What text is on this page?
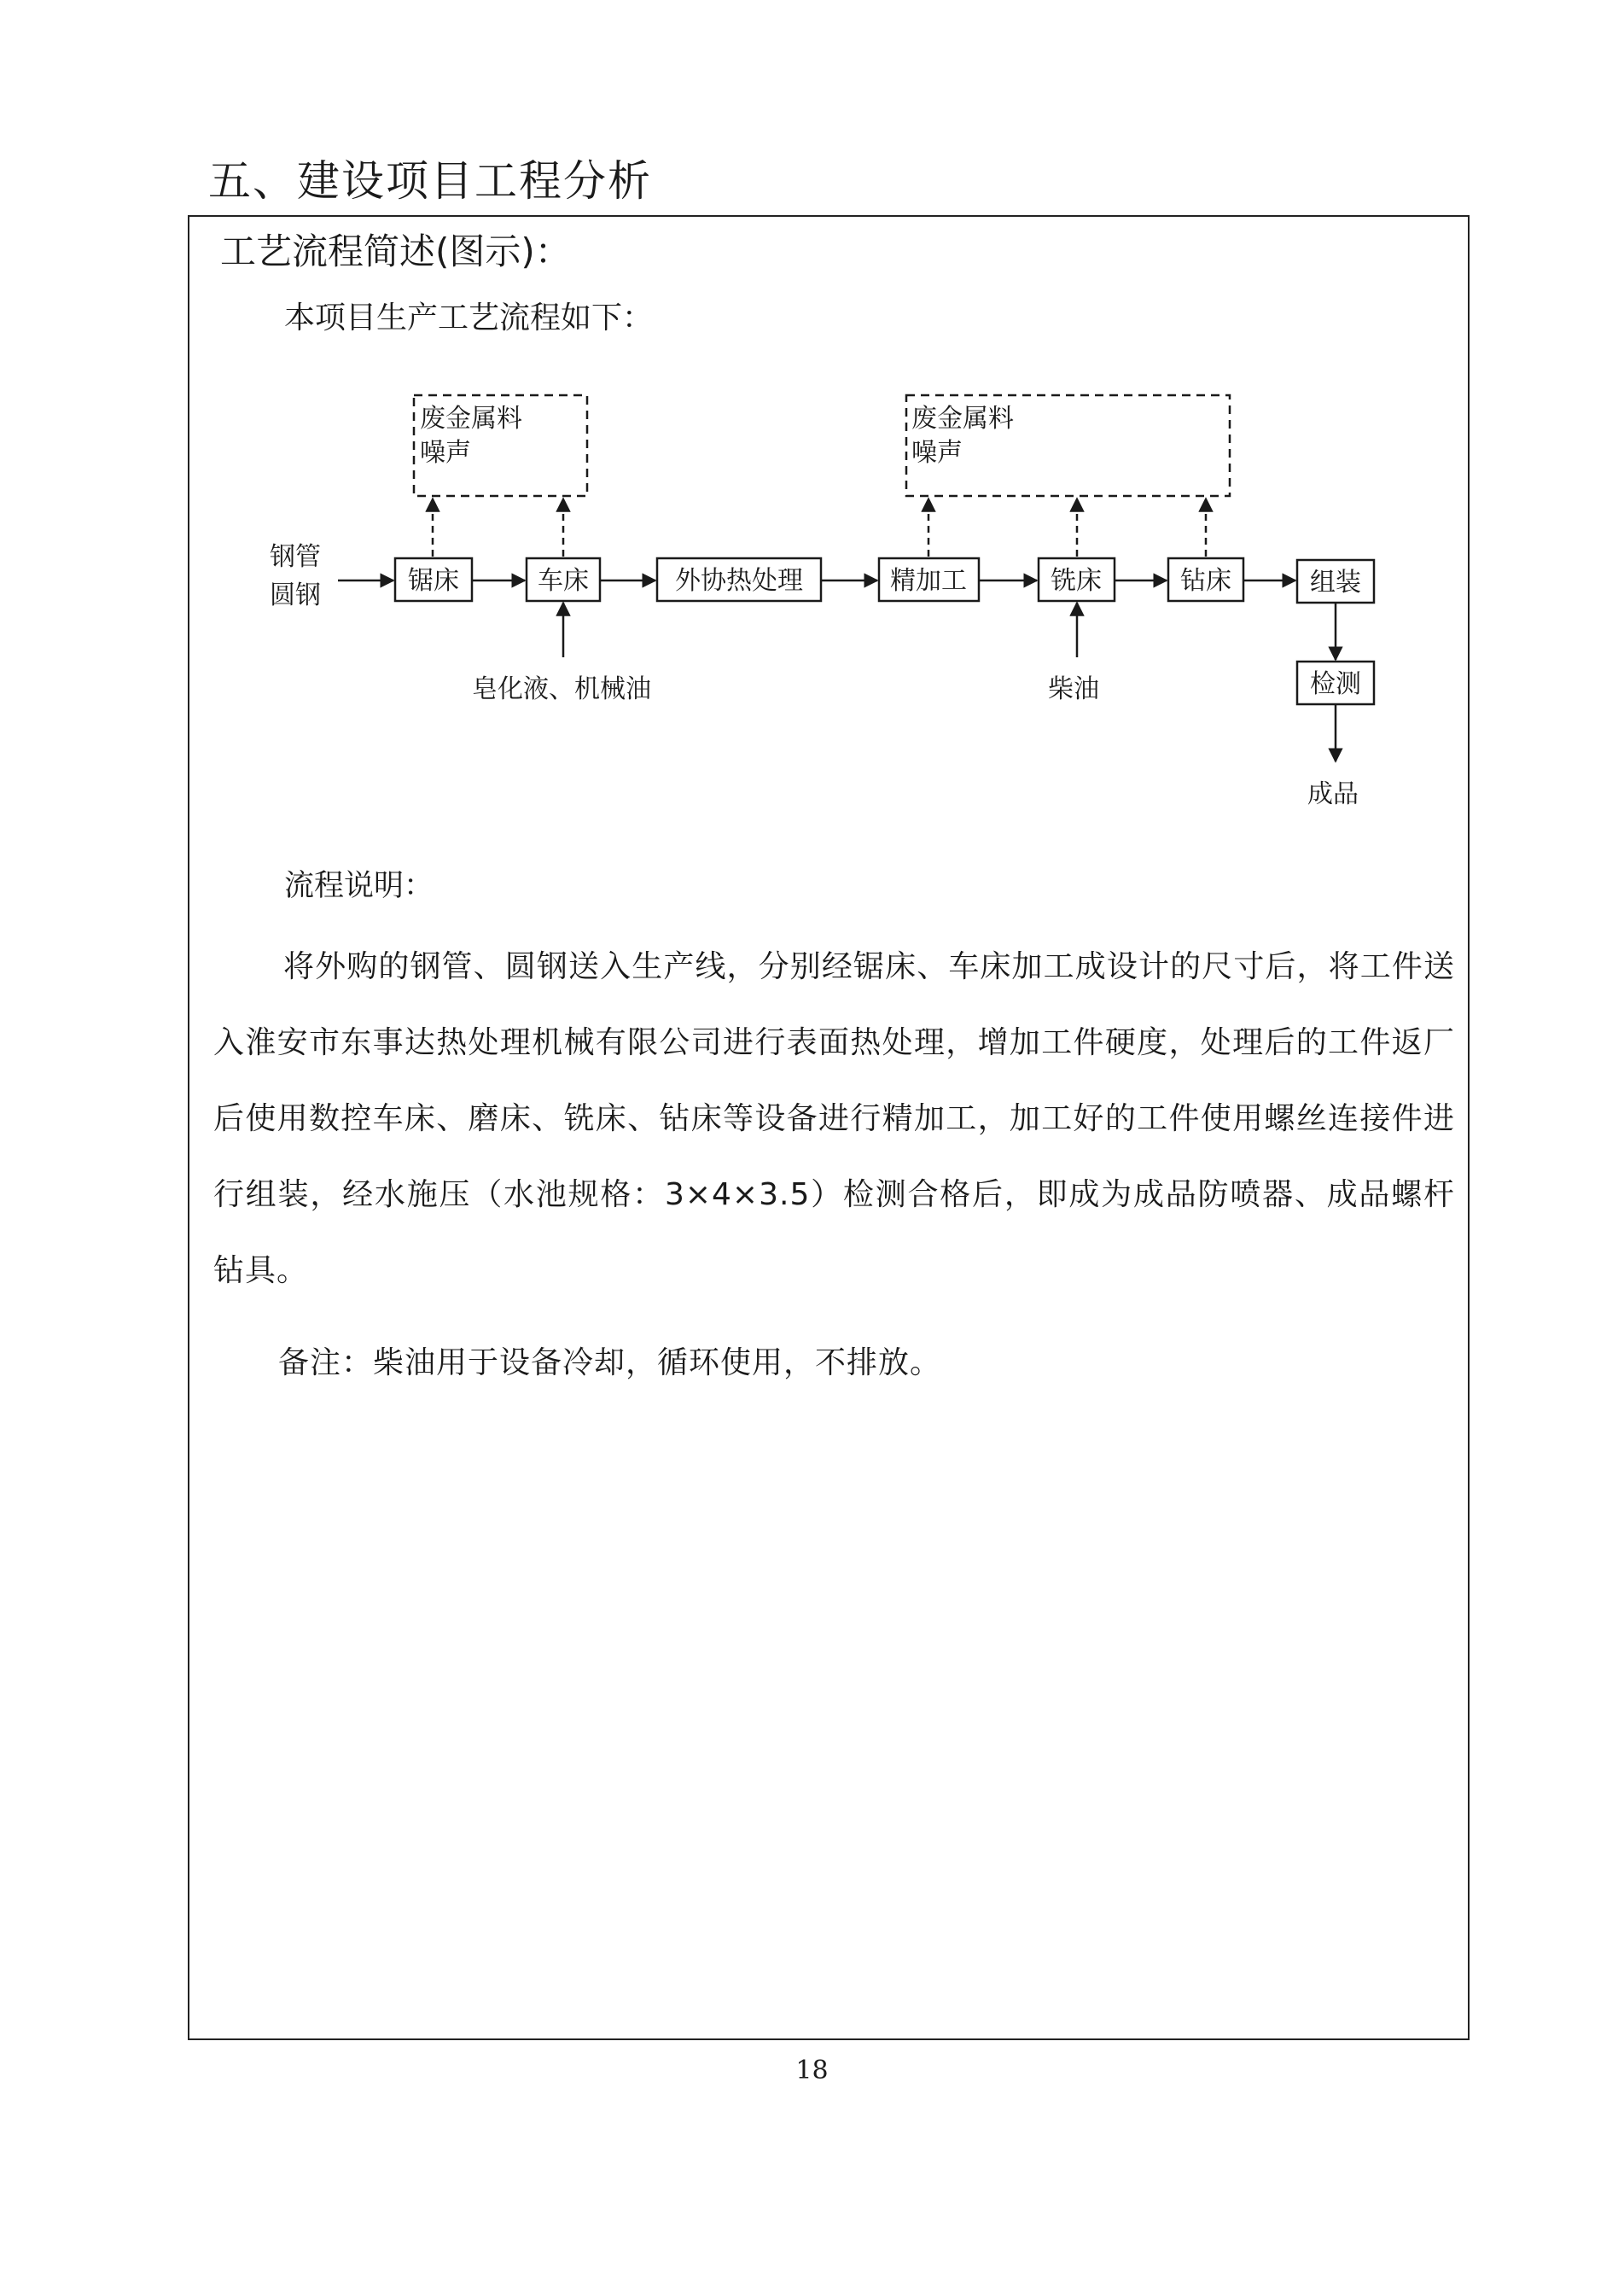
五、建设项目工程分析
工艺流程简述(图示)：
本项目生产工艺流程如下：
废金属料
噪声
废金属料
噪声
钢管
圆钢	锯床	车床	外协热处理	精加工	铣床	钻床	组装
检测
皂化液、机械油	柴油
成品
流程说明：
将外购的钢管、圆钢送入生产线，分别经锯床、车床加工成设计的尺寸后，将工件送入淮安市东事达热处理机械有限公司进行表面热处理，增加工件硬度，处理后的工件返厂后使用数控车床、磨床、铣床、钻床等设备进行精加工，加工好的工件使用螺丝连接件进行组装，经水施压（水池规格：3×4×3.5）检测合格后，即成为成品防喷器、成品螺杆钻具。
备注：柴油用于设备冷却，循环使用，不排放。
18
